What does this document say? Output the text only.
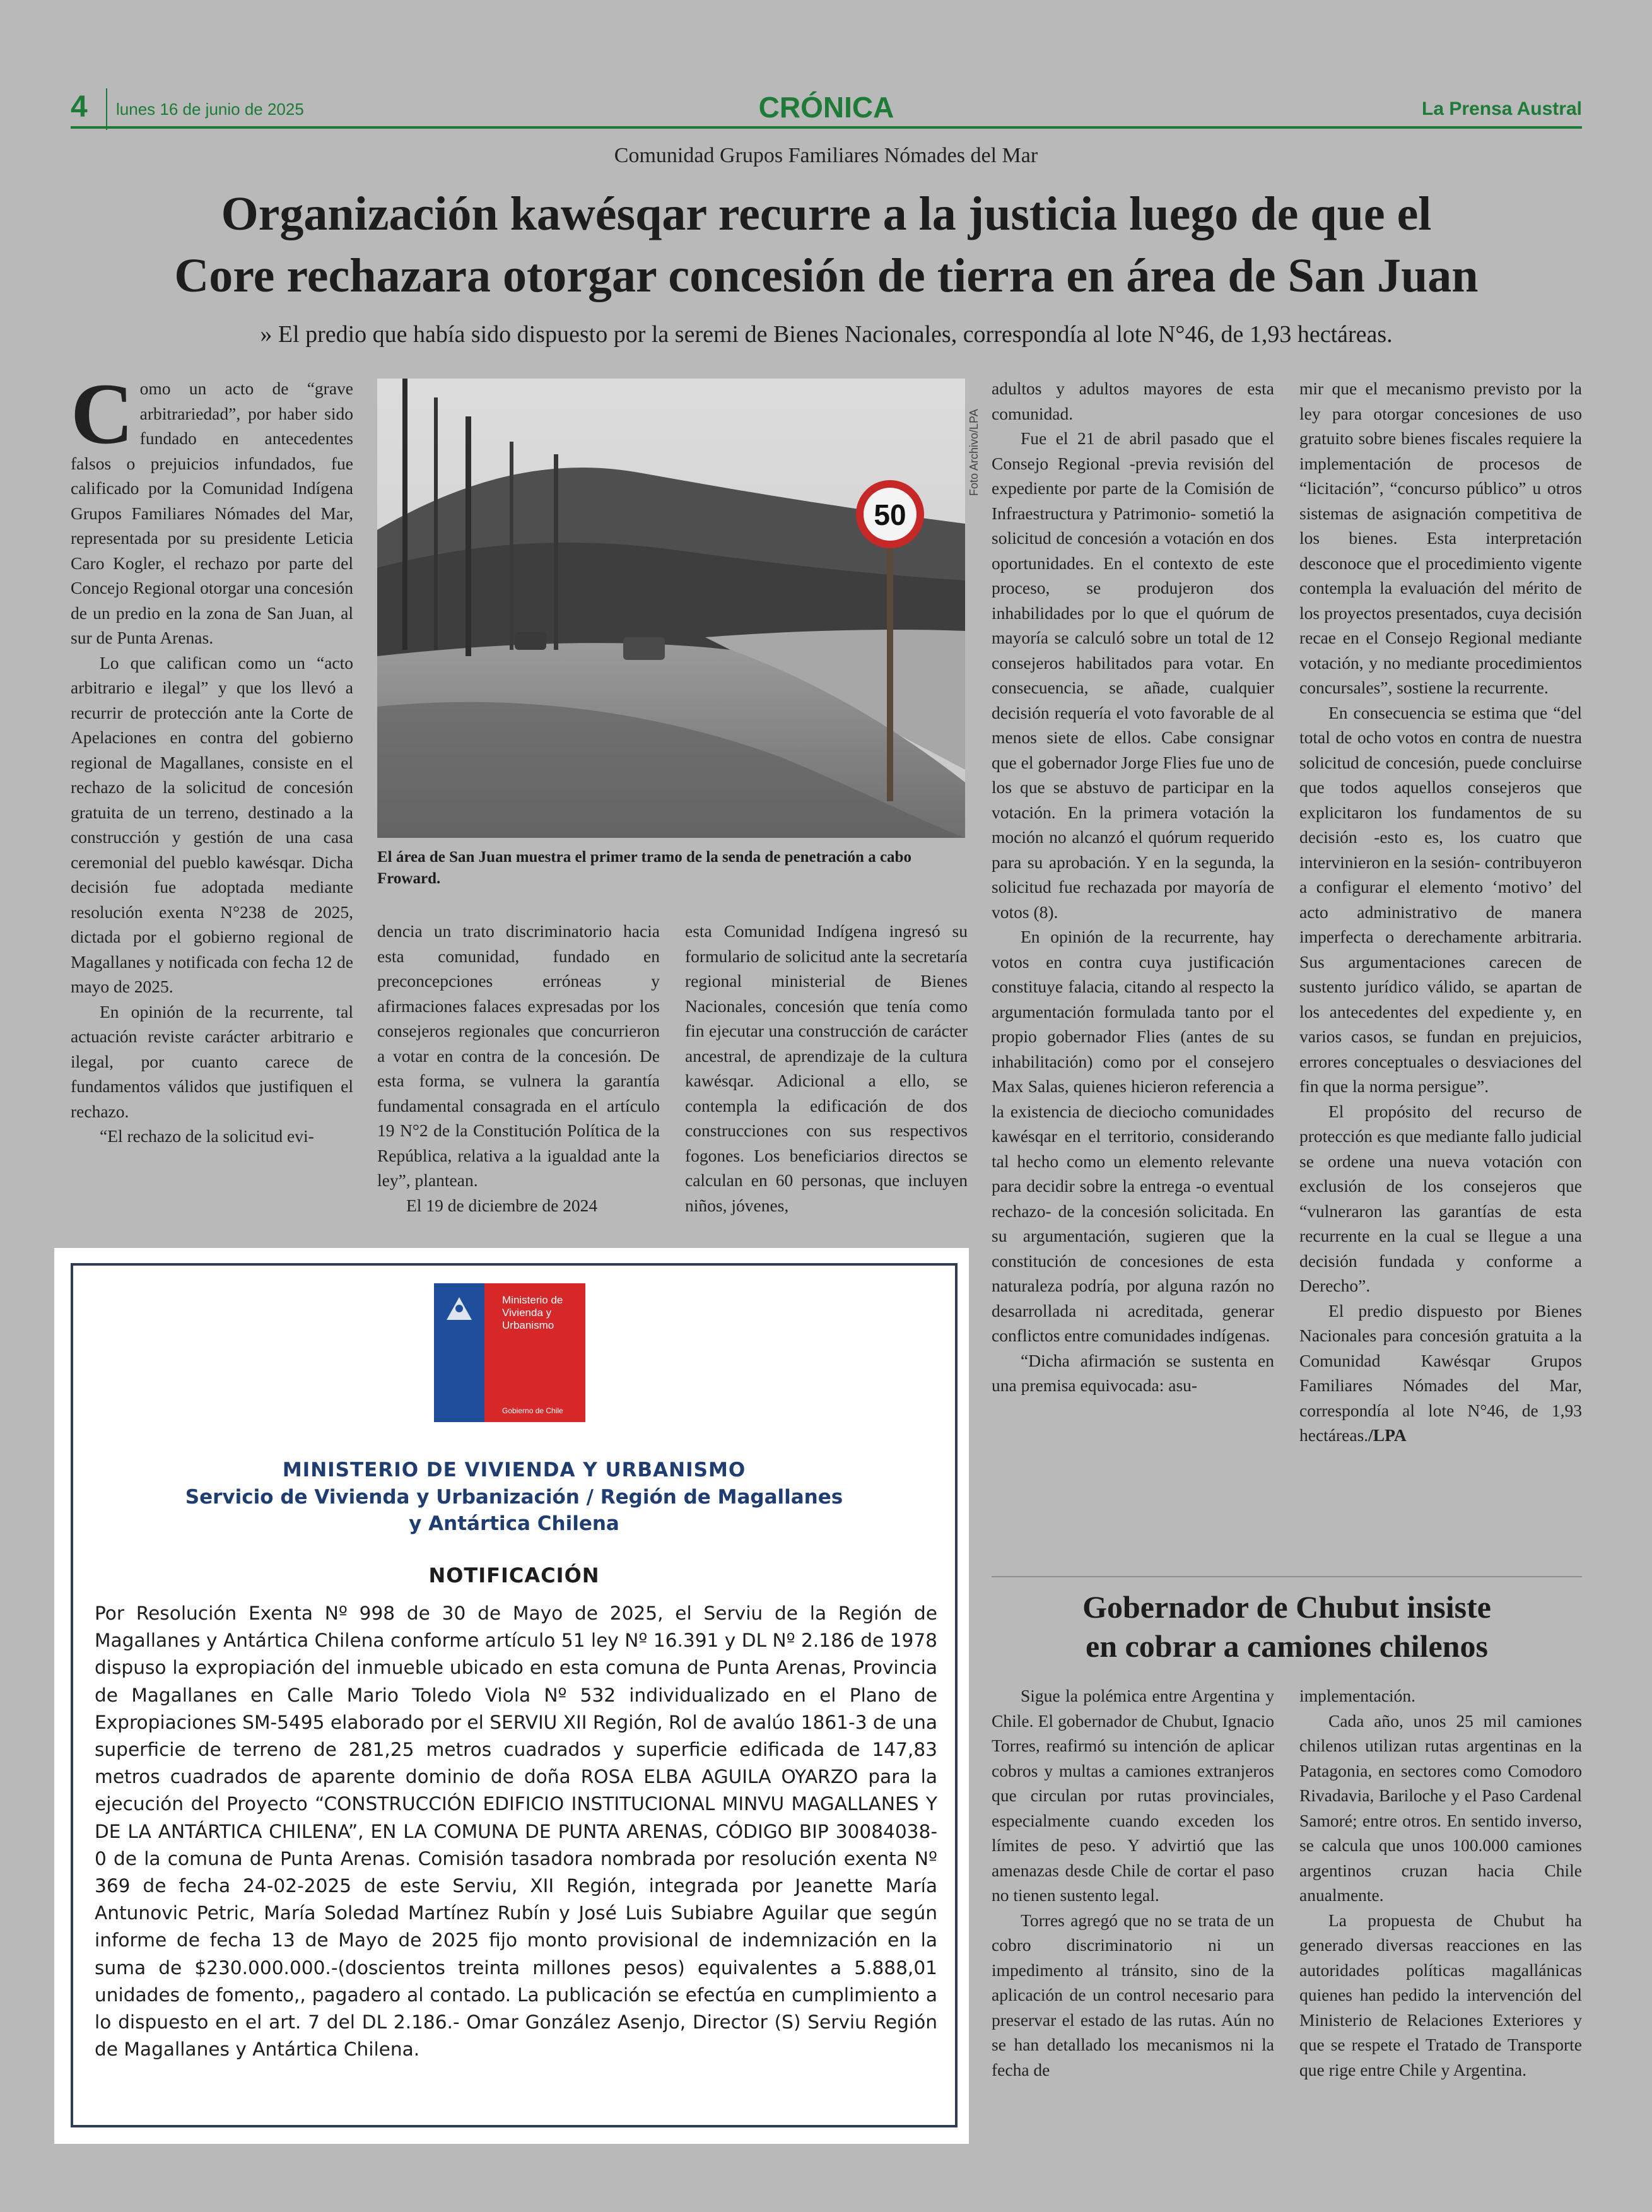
4	lunes 16 de junio de 2025	CRÓNICA	La Prensa Austral
Comunidad Grupos Familiares Nómades del Mar
Organización kawésqar recurre a la justicia luego de que el
Core rechazara otorgar concesión de tierra en área de San Juan
» El predio que había sido dispuesto por la seremi de Bienes Nacionales, correspondía al lote N°46, de 1,93 hectáreas.

Como un acto de “grave arbitrariedad”, por haber sido fundado en antecedentes falsos o prejuicios infundados, fue calificado por la Comunidad Indígena Grupos Familiares Nómades del Mar, representada por su presidente Leticia Caro Kogler, el rechazo por parte del Concejo Regional otorgar una concesión de un predio en la zona de San Juan, al sur de Punta Arenas.

Lo que califican como un “acto arbitrario e ilegal” y que los llevó a recurrir de protección ante la Corte de Apelaciones en contra del gobierno regional de Magallanes, consiste en el rechazo de la solicitud de concesión gratuita de un terreno, destinado a la construcción y gestión de una casa ceremonial del pueblo kawésqar. Dicha decisión fue adoptada mediante resolución exenta N°238 de 2025, dictada por el gobierno regional de Magallanes y notificada con fecha 12 de mayo de 2025.

En opinión de la recurrente, tal actuación reviste carácter arbitrario e ilegal, por cuanto carece de fundamentos válidos que justifiquen el rechazo.

“El rechazo de la solicitud evi-

50
Foto Archivo/LPA
El área de San Juan muestra el primer tramo de la senda de penetración a cabo Froward.

dencia un trato discriminatorio hacia esta comunidad, fundado en preconcepciones erróneas y afirmaciones falaces expresadas por los consejeros regionales que concurrieron a votar en contra de la concesión. De esta forma, se vulnera la garantía fundamental consagrada en el artículo 19 N°2 de la Constitución Política de la República, relativa a la igualdad ante la ley”, plantean.

El 19 de diciembre de 2024

esta Comunidad Indígena ingresó su formulario de solicitud ante la secretaría regional ministerial de Bienes Nacionales, concesión que tenía como fin ejecutar una construcción de carácter ancestral, de aprendizaje de la cultura kawésqar. Adicional a ello, se contempla la edificación de dos construcciones con sus respectivos fogones. Los beneficiarios directos se calculan en 60 personas, que incluyen niños, jóvenes,

adultos y adultos mayores de esta comunidad.

Fue el 21 de abril pasado que el Consejo Regional -previa revisión del expediente por parte de la Comisión de Infraestructura y Patrimonio- sometió la solicitud de concesión a votación en dos oportunidades. En el contexto de este proceso, se produjeron dos inhabilidades por lo que el quórum de mayoría se calculó sobre un total de 12 consejeros habilitados para votar. En consecuencia, se añade, cualquier decisión requería el voto favorable de al menos siete de ellos. Cabe consignar que el gobernador Jorge Flies fue uno de los que se abstuvo de participar en la votación. En la primera votación la moción no alcanzó el quórum requerido para su aprobación. Y en la segunda, la solicitud fue rechazada por mayoría de votos (8).

En opinión de la recurrente, hay votos en contra cuya justificación constituye falacia, citando al respecto la argumentación formulada tanto por el propio gobernador Flies (antes de su inhabilitación) como por el consejero Max Salas, quienes hicieron referencia a la existencia de dieciocho comunidades kawésqar en el territorio, considerando tal hecho como un elemento relevante para decidir sobre la entrega -o eventual rechazo- de la concesión solicitada. En su argumentación, sugieren que la constitución de concesiones de esta naturaleza podría, por alguna razón no desarrollada ni acreditada, generar conflictos entre comunidades indígenas.

“Dicha afirmación se sustenta en una premisa equivocada: asu-

mir que el mecanismo previsto por la ley para otorgar concesiones de uso gratuito sobre bienes fiscales requiere la implementación de procesos de “licitación”, “concurso público” u otros sistemas de asignación competitiva de los bienes. Esta interpretación desconoce que el procedimiento vigente contempla la evaluación del mérito de los proyectos presentados, cuya decisión recae en el Consejo Regional mediante votación, y no mediante procedimientos concursales”, sostiene la recurrente.

En consecuencia se estima que “del total de ocho votos en contra de nuestra solicitud de concesión, puede concluirse que todos aquellos consejeros que explicitaron los fundamentos de su decisión -esto es, los cuatro que intervinieron en la sesión- contribuyeron a configurar el elemento ‘motivo’ del acto administrativo de manera imperfecta o derechamente arbitraria. Sus argumentaciones carecen de sustento jurídico válido, se apartan de los antecedentes del expediente y, en varios casos, se fundan en prejuicios, errores conceptuales o desviaciones del fin que la norma persigue”.

El propósito del recurso de protección es que mediante fallo judicial se ordene una nueva votación con exclusión de los consejeros que “vulneraron las garantías de esta recurrente en la cual se llegue a una decisión fundada y conforme a Derecho”.

El predio dispuesto por Bienes Nacionales para concesión gratuita a la Comunidad Kawésqar Grupos Familiares Nómades del Mar, correspondía al lote N°46, de 1,93 hectáreas./LPA

Ministerio de
Vivienda y
Urbanismo
Gobierno de Chile
MINISTERIO DE VIVIENDA Y URBANISMO
Servicio de Vivienda y Urbanización / Región de Magallanes
y Antártica Chilena
NOTIFICACIÓN
Por Resolución Exenta Nº 998 de 30 de Mayo de 2025, el Serviu de la Región de Magallanes y Antártica Chilena conforme artículo 51 ley Nº 16.391 y DL Nº 2.186 de 1978 dispuso la expropiación del inmueble ubicado en esta comuna de Punta Arenas, Provincia de Magallanes en Calle Mario Toledo Viola Nº 532 individualizado en el Plano de Expropiaciones SM-5495 elaborado por el SERVIU XII Región, Rol de avalúo 1861-3 de una superficie de terreno de 281,25 metros cuadrados y superficie edificada de 147,83 metros cuadrados de aparente dominio de doña ROSA ELBA AGUILA OYARZO para la ejecución del Proyecto “CONSTRUCCIÓN EDIFICIO INSTITUCIONAL MINVU MAGALLANES Y DE LA ANTÁRTICA CHILENA”, EN LA COMUNA DE PUNTA ARENAS, CÓDIGO BIP 30084038-0 de la comuna de Punta Arenas. Comisión tasadora nombrada por resolución exenta Nº 369 de fecha 24-02-2025 de este Serviu, XII Región, integrada por Jeanette María Antunovic Petric, María Soledad Martínez Rubín y José Luis Subiabre Aguilar que según informe de fecha 13 de Mayo de 2025 fijo monto provisional de indemnización en la suma de $230.000.000.-(doscientos treinta millones pesos) equivalentes a 5.888,01 unidades de fomento,, pagadero al contado. La publicación se efectúa en cumplimiento a lo dispuesto en el art. 7 del DL 2.186.- Omar González Asenjo, Director (S) Serviu Región de Magallanes y Antártica Chilena.
Gobernador de Chubut insiste
en cobrar a camiones chilenos

Sigue la polémica entre Argentina y Chile. El gobernador de Chubut, Ignacio Torres, reafirmó su intención de aplicar cobros y multas a camiones extranjeros que circulan por rutas provinciales, especialmente cuando exceden los límites de peso. Y advirtió que las amenazas desde Chile de cortar el paso no tienen sustento legal.

Torres agregó que no se trata de un cobro discriminatorio ni un impedimento al tránsito, sino de la aplicación de un control necesario para preservar el estado de las rutas. Aún no se han detallado los mecanismos ni la fecha de

implementación.

Cada año, unos 25 mil camiones chilenos utilizan rutas argentinas en la Patagonia, en sectores como Comodoro Rivadavia, Bariloche y el Paso Cardenal Samoré; entre otros. En sentido inverso, se calcula que unos 100.000 camiones argentinos cruzan hacia Chile anualmente.

La propuesta de Chubut ha generado diversas reacciones en las autoridades políticas magallánicas quienes han pedido la intervención del Ministerio de Relaciones Exteriores y que se respete el Tratado de Transporte que rige entre Chile y Argentina.
